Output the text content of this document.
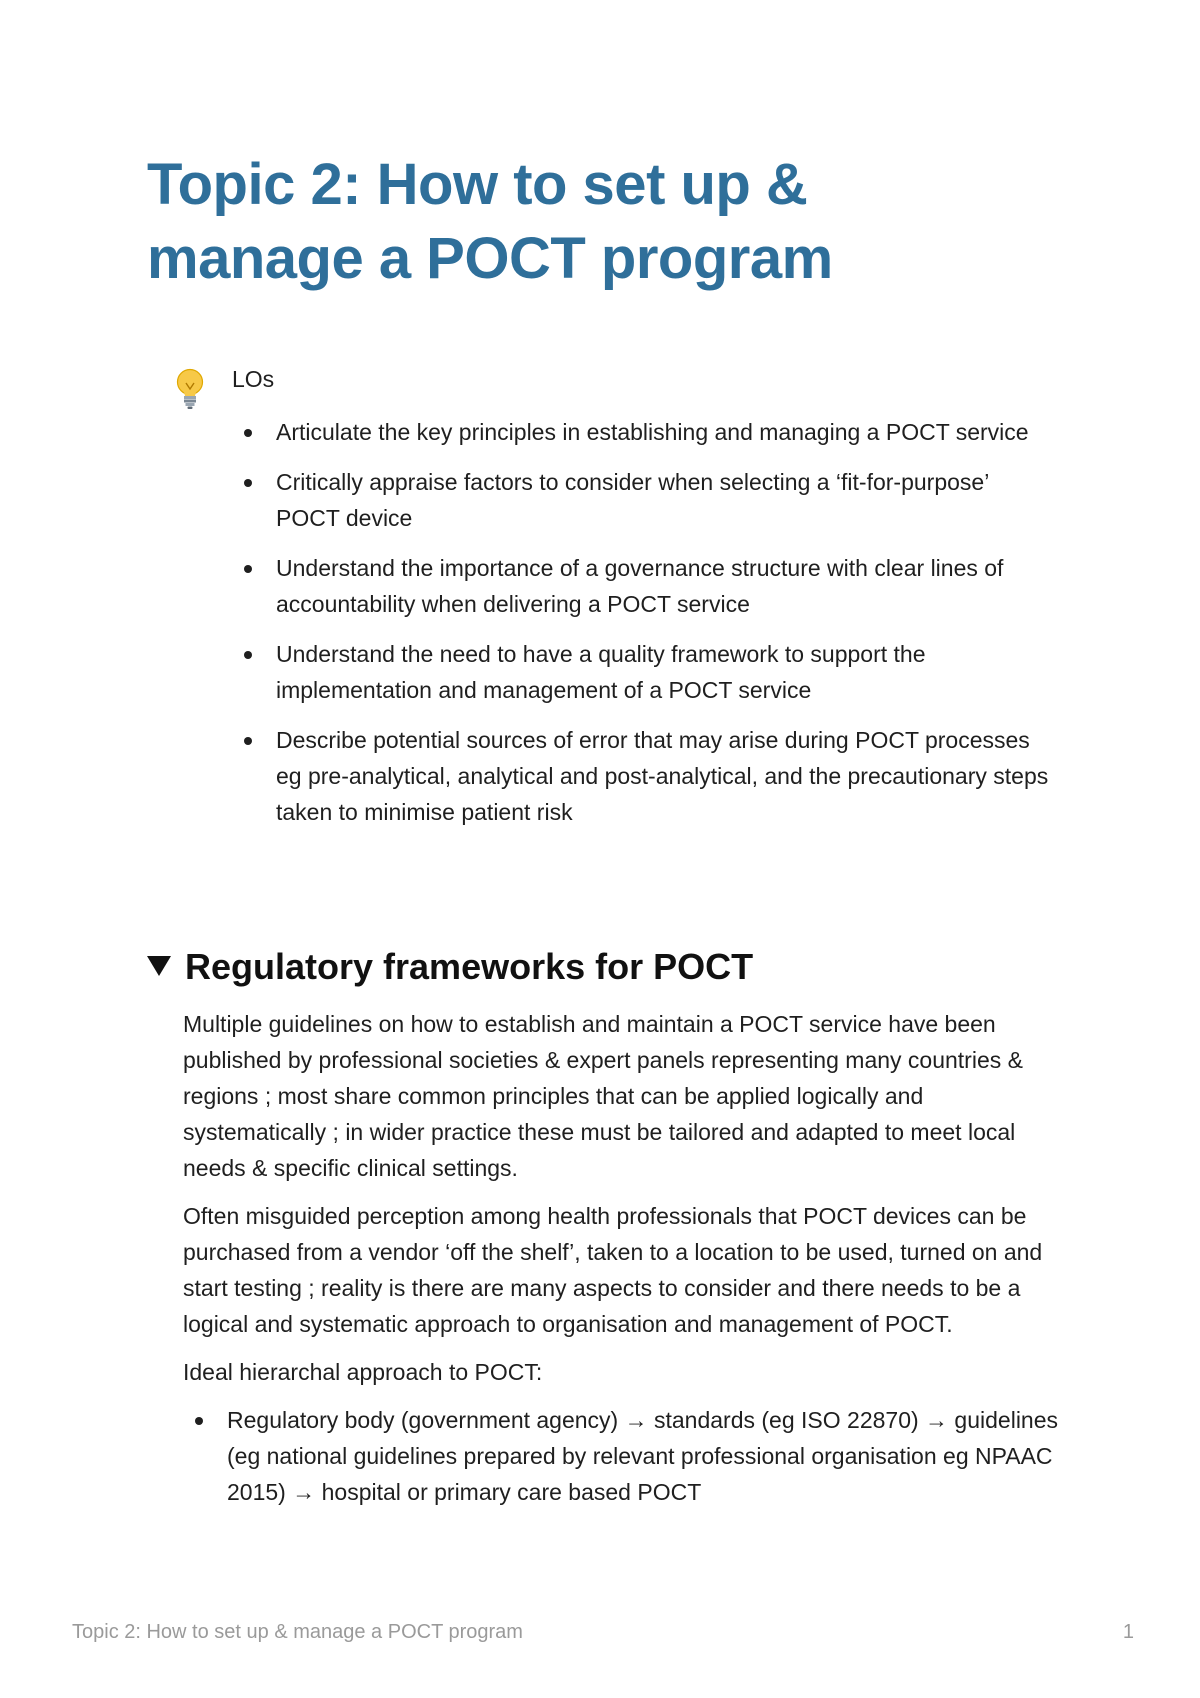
Topic 2: How to set up & manage a POCT program

LOs

Articulate the key principles in establishing and managing a POCT service
Critically appraise factors to consider when selecting a ‘fit-for-purpose’ POCT device
Understand the importance of a governance structure with clear lines of accountability when delivering a POCT service
Understand the need to have a quality framework to support the implementation and management of a POCT service
Describe potential sources of error that may arise during POCT processes eg pre-analytical, analytical and post-analytical, and the precautionary steps taken to minimise patient risk
Regulatory frameworks for POCT

Multiple guidelines on how to establish and maintain a POCT service have been published by professional societies & expert panels representing many countries & regions ; most share common principles that can be applied logically and systematically ; in wider practice these must be tailored and adapted to meet local needs & specific clinical settings.

Often misguided perception among health professionals that POCT devices can be purchased from a vendor ‘off the shelf’, taken to a location to be used, turned on and start testing ; reality is there are many aspects to consider and there needs to be a logical and systematic approach to organisation and management of POCT.

Ideal hierarchal approach to POCT:

Regulatory body (government agency) → standards (eg ISO 22870) → guidelines (eg national guidelines prepared by relevant professional organisation eg NPAAC 2015) → hospital or primary care based POCT
Topic 2: How to set up & manage a POCT program	1
